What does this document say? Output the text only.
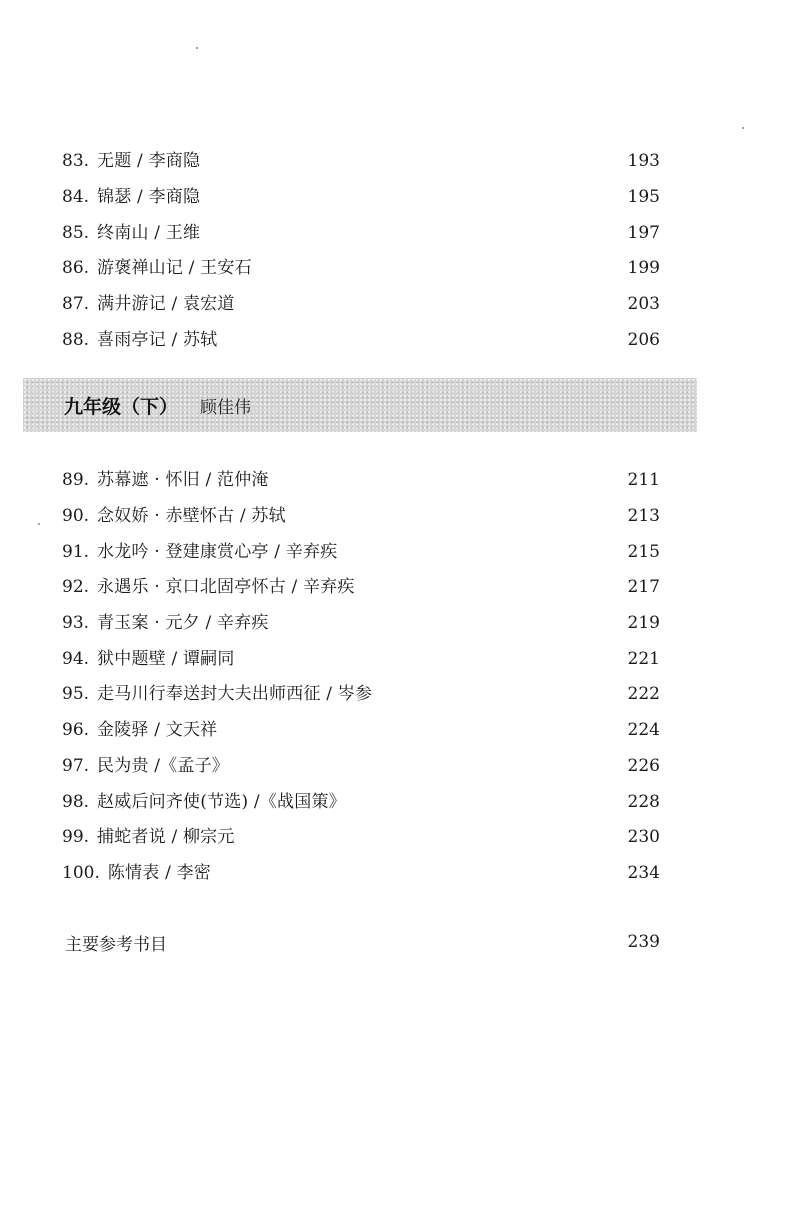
83. 无题 / 李商隐	193
84. 锦瑟 / 李商隐	195
85. 终南山 / 王维	197
86. 游褒禅山记 / 王安石	199
87. 满井游记 / 袁宏道	203
88. 喜雨亭记 / 苏轼	206
九年级（下） 顾佳伟
89. 苏幕遮 · 怀旧 / 范仲淹	211
90. 念奴娇 · 赤壁怀古 / 苏轼	213
91. 水龙吟 · 登建康赏心亭 / 辛弃疾	215
92. 永遇乐 · 京口北固亭怀古 / 辛弃疾	217
93. 青玉案 · 元夕 / 辛弃疾	219
94. 狱中题壁 / 谭嗣同	221
95. 走马川行奉送封大夫出师西征 / 岑参	222
96. 金陵驿 / 文天祥	224
97. 民为贵 /《孟子》	226
98. 赵威后问齐使(节选) /《战国策》	228
99. 捕蛇者说 / 柳宗元	230
100. 陈情表 / 李密	234
主要参考书目	239
